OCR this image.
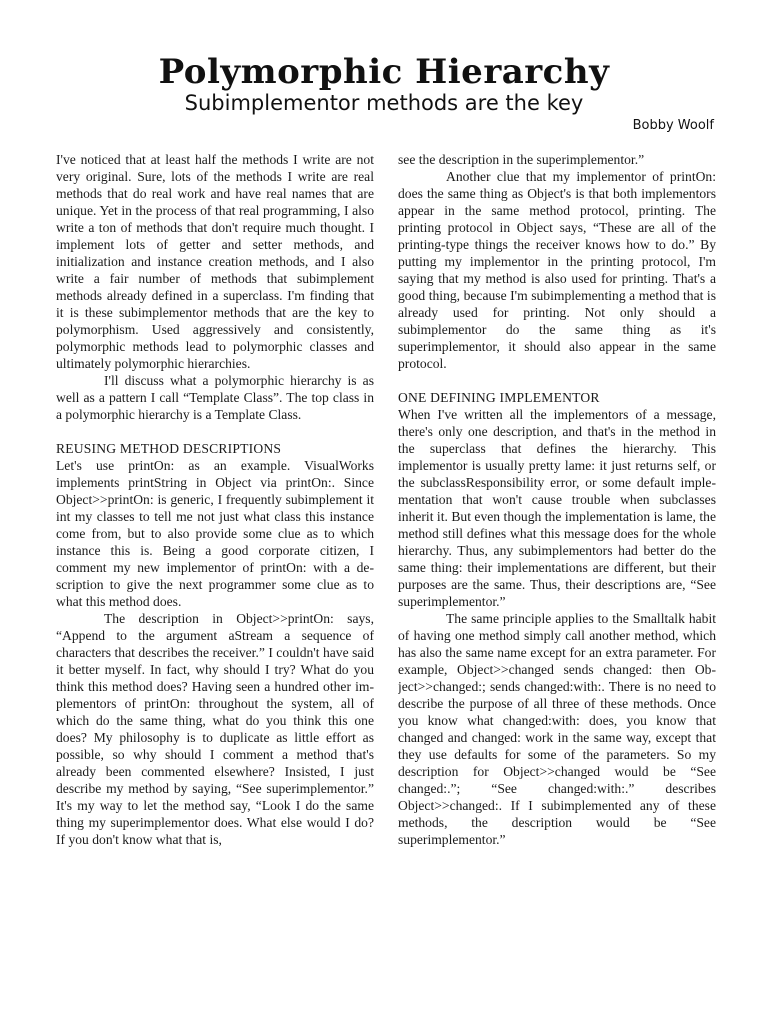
Polymorphic Hierarchy
Subimplementor methods are the key
Bobby Woolf

I've noticed that at least half the methods I write are not very original. Sure, lots of the methods I write are real methods that do real work and have real names that are unique. Yet in the process of that real programming, I also write a ton of methods that don't require much thought. I implement lots of getter and setter methods, and initialization and instance creation methods, and I also write a fair number of methods that subimplement methods already defined in a superclass. I'm finding that it is these subimplementor methods that are the key to polymorphism. Used aggressively and consistently, polymorphic methods lead to polymorphic classes and ultimately polymorphic hierarchies.

I'll discuss what a polymorphic hierarchy is as well as a pattern I call “Template Class”. The top class in a polymorphic hierarchy is a Template Class.

REUSING METHOD DESCRIPTIONS

Let's use printOn: as an example. VisualWorks implements printString in Object via printOn:. Since Object>>printOn: is generic, I frequently subimplement it int my classes to tell me not just what class this instance come from, but to also provide some clue as to which instance this is. Being a good corporate citizen, I comment my new implementor of printOn: with a description to give the next programmer some clue as to what this method does.

The description in Object>>printOn: says, “Append to the argument aStream a sequence of characters that describes the receiver.” I couldn't have said it better myself. In fact, why should I try? What do you think this method does? Having seen a hundred other implementors of printOn: throughout the system, all of which do the same thing, what do you think this one does? My philosophy is to duplicate as little effort as possible, so why should I comment a method that's already been commented elsewhere? Insisted, I just describe my method by saying, “See superimplementor.” It's my way to let the method say, “Look I do the same thing my superimplementor does. What else would I do? If you don't know what that is,

see the description in the superimplementor.”

Another clue that my implementor of printOn: does the same thing as Object's is that both implementors appear in the same method protocol, printing. The printing protocol in Object says, “These are all of the printing-type things the receiver knows how to do.” By putting my implementor in the printing protocol, I'm saying that my method is also used for printing. That's a good thing, because I'm subimplementing a method that is already used for printing. Not only should a subimplementor do the same thing as it's superimplementor, it should also appear in the same protocol.

ONE DEFINING IMPLEMENTOR

When I've written all the implementors of a message, there's only one description, and that's in the method in the superclass that defines the hierarchy. This implementor is usually pretty lame: it just returns self, or the subclassResponsibility error, or some default implementation that won't cause trouble when subclasses inherit it. But even though the implementation is lame, the method still defines what this message does for the whole hierarchy. Thus, any subimplementors had better do the same thing: their implementations are different, but their purposes are the same. Thus, their descriptions are, “See superimplementor.”

The same principle applies to the Smalltalk habit of having one method simply call another method, which has also the same name except for an extra parameter. For example, Object>>changed sends changed: then Object>>changed:; sends changed:with:. There is no need to describe the purpose of all three of these methods. Once you know what changed:with: does, you know that changed and changed: work in the same way, except that they use defaults for some of the parameters. So my description for Object>>changed would be “See changed:.”; “See changed:with:.” describes Object>>changed:. If I subimplemented any of these methods, the description would be “See superimplementor.”
